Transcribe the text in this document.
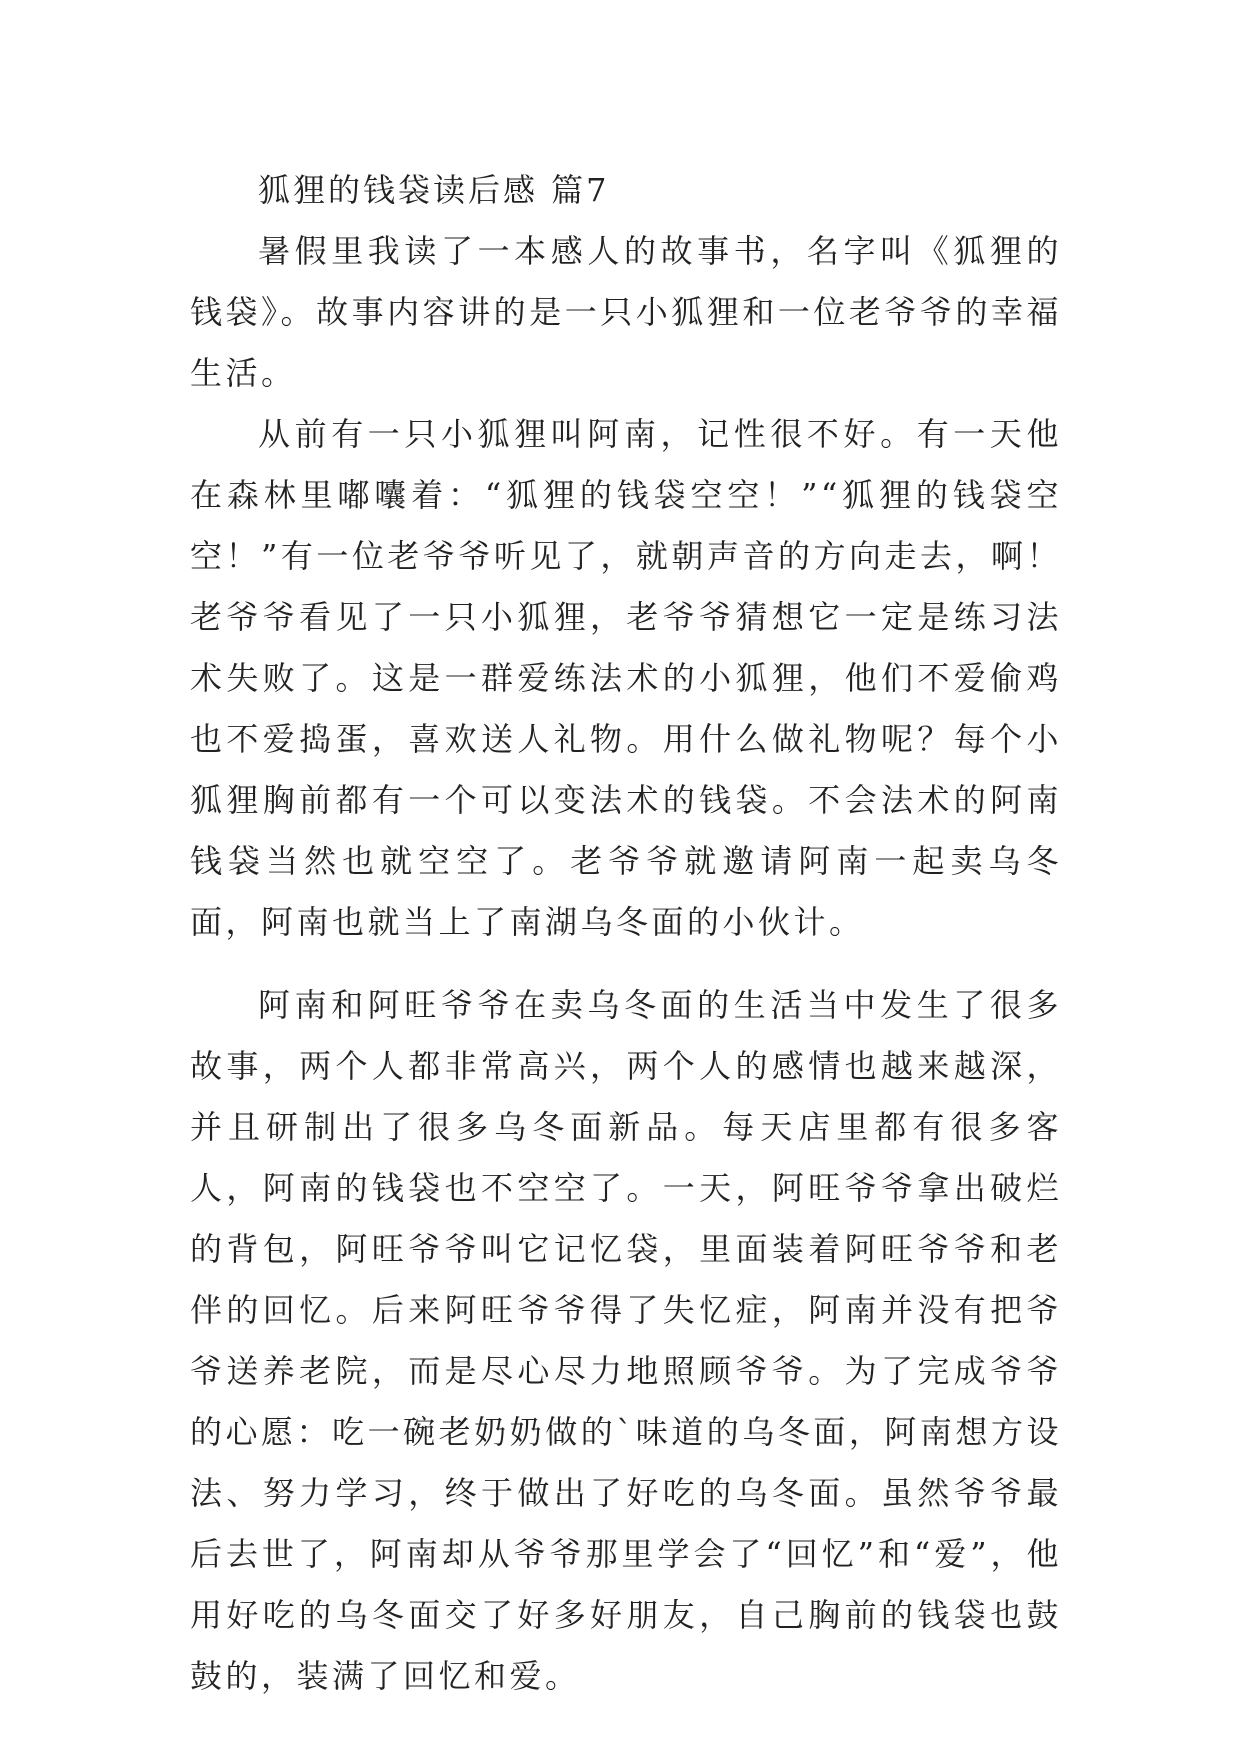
狐狸的钱袋读后感 篇7

暑假里我读了一本感人的故事书，名字叫《狐狸的钱袋》。故事内容讲的是一只小狐狸和一位老爷爷的幸福生活。

从前有一只小狐狸叫阿南，记性很不好。有一天他在森林里嘟囔着：“狐狸的钱袋空空！”“狐狸的钱袋空空！”有一位老爷爷听见了，就朝声音的方向走去，啊！老爷爷看见了一只小狐狸，老爷爷猜想它一定是练习法术失败了。这是一群爱练法术的小狐狸，他们不爱偷鸡也不爱捣蛋，喜欢送人礼物。用什么做礼物呢？每个小狐狸胸前都有一个可以变法术的钱袋。不会法术的阿南钱袋当然也就空空了。老爷爷就邀请阿南一起卖乌冬面，阿南也就当上了南湖乌冬面的小伙计。

阿南和阿旺爷爷在卖乌冬面的生活当中发生了很多故事，两个人都非常高兴，两个人的感情也越来越深，并且研制出了很多乌冬面新品。每天店里都有很多客人，阿南的钱袋也不空空了。一天，阿旺爷爷拿出破烂的背包，阿旺爷爷叫它记忆袋，里面装着阿旺爷爷和老伴的回忆。后来阿旺爷爷得了失忆症，阿南并没有把爷爷送养老院，而是尽心尽力地照顾爷爷。为了完成爷爷的心愿：吃一碗老奶奶做的`味道的乌冬面，阿南想方设法、努力学习，终于做出了好吃的乌冬面。虽然爷爷最后去世了，阿南却从爷爷那里学会了“回忆”和“爱”，他用好吃的乌冬面交了好多好朋友，自己胸前的钱袋也鼓鼓的，装满了回忆和爱。
